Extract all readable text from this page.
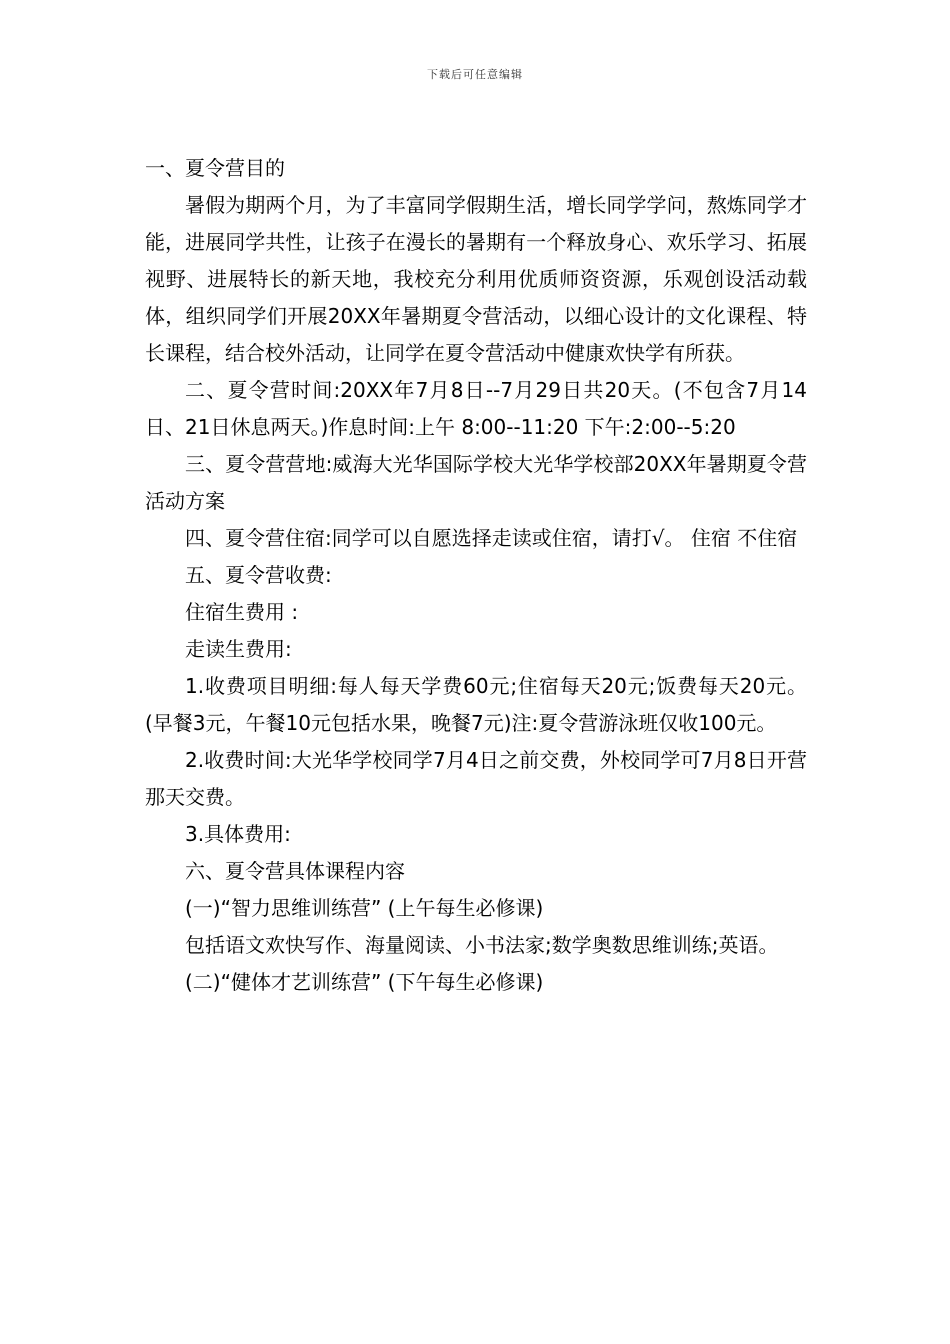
下载后可任意编辑

一、夏令营目的

暑假为期两个月，为了丰富同学假期生活，增长同学学问，熬炼同学才能，进展同学共性，让孩子在漫长的暑期有一个释放身心、欢乐学习、拓展视野、进展特长的新天地，我校充分利用优质师资资源，乐观创设活动载体，组织同学们开展20XX年暑期夏令营活动，以细心设计的文化课程、特长课程，结合校外活动，让同学在夏令营活动中健康欢快学有所获。

二、夏令营时间:20XX年7月8日--7月29日共20天。(不包含7月14日、21日休息两天。)作息时间:上午 8:00--11:20 下午:2:00--5:20

三、夏令营营地:威海大光华国际学校大光华学校部20XX年暑期夏令营活动方案

四、夏令营住宿:同学可以自愿选择走读或住宿，请打√。 住宿 不住宿

五、夏令营收费:

住宿生费用 :

走读生费用:

1.收费项目明细:每人每天学费60元;住宿每天20元;饭费每天20元。(早餐3元，午餐10元包括水果，晚餐7元)注:夏令营游泳班仅收100元。

2.收费时间:大光华学校同学7月4日之前交费，外校同学可7月8日开营那天交费。

3.具体费用:

六、夏令营具体课程内容

(一)“智力思维训练营” (上午每生必修课)

包括语文欢快写作、海量阅读、小书法家;数学奥数思维训练;英语。

(二)“健体才艺训练营” (下午每生必修课)
